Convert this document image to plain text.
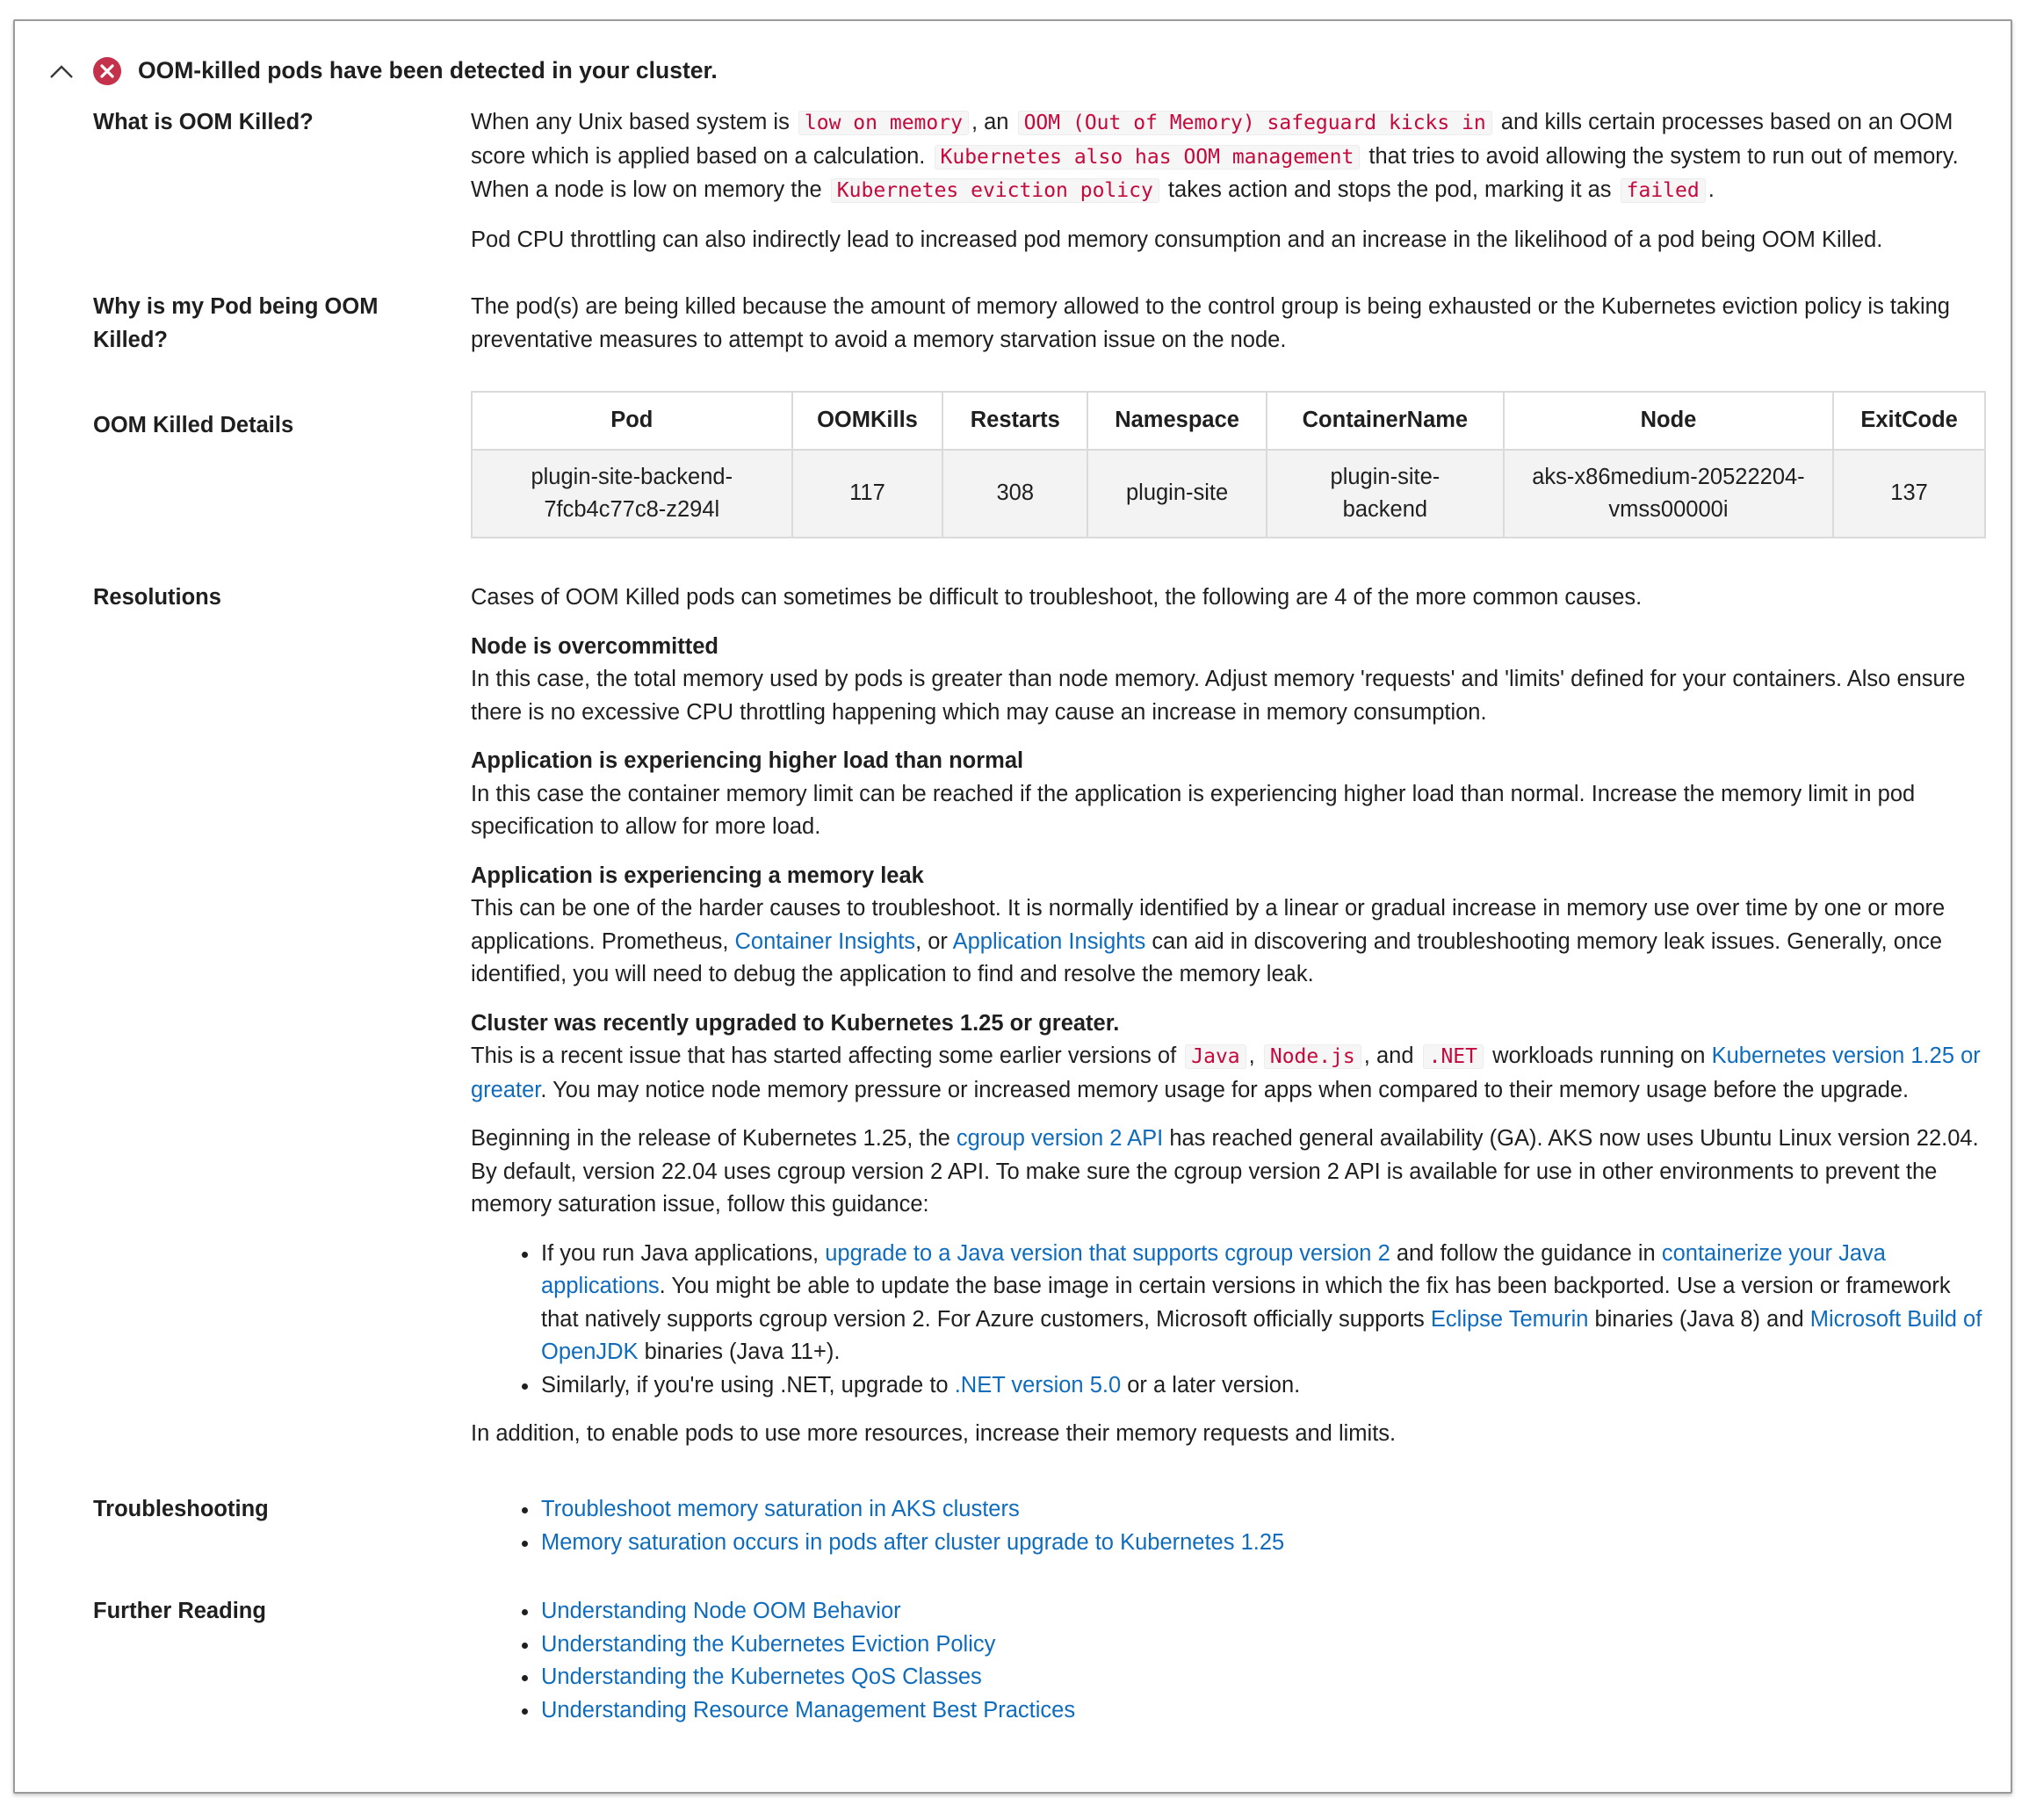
OOM-killed pods have been detected in your cluster.
What is OOM Killed?	When any Unix based system is low on memory , an OOM (Out of Memory) safeguard kicks in and kills certain processes based on an OOM score which is applied based on a calculation. Kubernetes also has OOM management that tries to avoid allowing the system to run out of memory. When a node is low on memory the Kubernetes eviction policy takes action and stops the pod, marking it as failed .

Pod CPU throttling can also indirectly lead to increased pod memory consumption and an increase in the likelihood of a pod being OOM Killed.

Why is my Pod being OOM Killed?
The pod(s) are being killed because the amount of memory allowed to the control group is being exhausted or the Kubernetes eviction policy is taking preventative measures to attempt to avoid a memory starvation issue on the node.
OOM Killed Details	Pod	OOMKills	Restarts	Namespace	ContainerName	Node	ExitCode
plugin-site-backend-7fcb4c77c8-z294l	117	308	plugin-site	plugin-site-backend	aks-x86medium-20522204-vmss00000i	137
Resolutions	Cases of OOM Killed pods can sometimes be difficult to troubleshoot, the following are 4 of the more common causes.

Node is overcommitted

In this case, the total memory used by pods is greater than node memory. Adjust memory 'requests' and 'limits' defined for your containers. Also ensure there is no excessive CPU throttling happening which may cause an increase in memory consumption.

Application is experiencing higher load than normal

In this case the container memory limit can be reached if the application is experiencing higher load than normal. Increase the memory limit in pod specification to allow for more load.

Application is experiencing a memory leak

This can be one of the harder causes to troubleshoot. It is normally identified by a linear or gradual increase in memory use over time by one or more applications. Prometheus, Container Insights, or Application Insights can aid in discovering and troubleshooting memory leak issues. Generally, once identified, you will need to debug the application to find and resolve the memory leak.

Cluster was recently upgraded to Kubernetes 1.25 or greater.

This is a recent issue that has started affecting some earlier versions of Java , Node.js , and .NET workloads running on Kubernetes version 1.25 or greater. You may notice node memory pressure or increased memory usage for apps when compared to their memory usage before the upgrade.

Beginning in the release of Kubernetes 1.25, the cgroup version 2 API has reached general availability (GA). AKS now uses Ubuntu Linux version 22.04. By default, version 22.04 uses cgroup version 2 API. To make sure the cgroup version 2 API is available for use in other environments to prevent the memory saturation issue, follow this guidance:

If you run Java applications, upgrade to a Java version that supports cgroup version 2 and follow the guidance in containerize your Java applications. You might be able to update the base image in certain versions in which the fix has been backported. Use a version or framework that natively supports cgroup version 2. For Azure customers, Microsoft officially supports Eclipse Temurin binaries (Java 8) and Microsoft Build of OpenJDK binaries (Java 11+).
Similarly, if you're using .NET, upgrade to .NET version 5.0 or a later version.

In addition, to enable pods to use more resources, increase their memory requests and limits.

Troubleshooting	Troubleshoot memory saturation in AKS clusters
Memory saturation occurs in pods after cluster upgrade to Kubernetes 1.25
Further Reading	Understanding Node OOM Behavior
Understanding the Kubernetes Eviction Policy
Understanding the Kubernetes QoS Classes
Understanding Resource Management Best Practices
